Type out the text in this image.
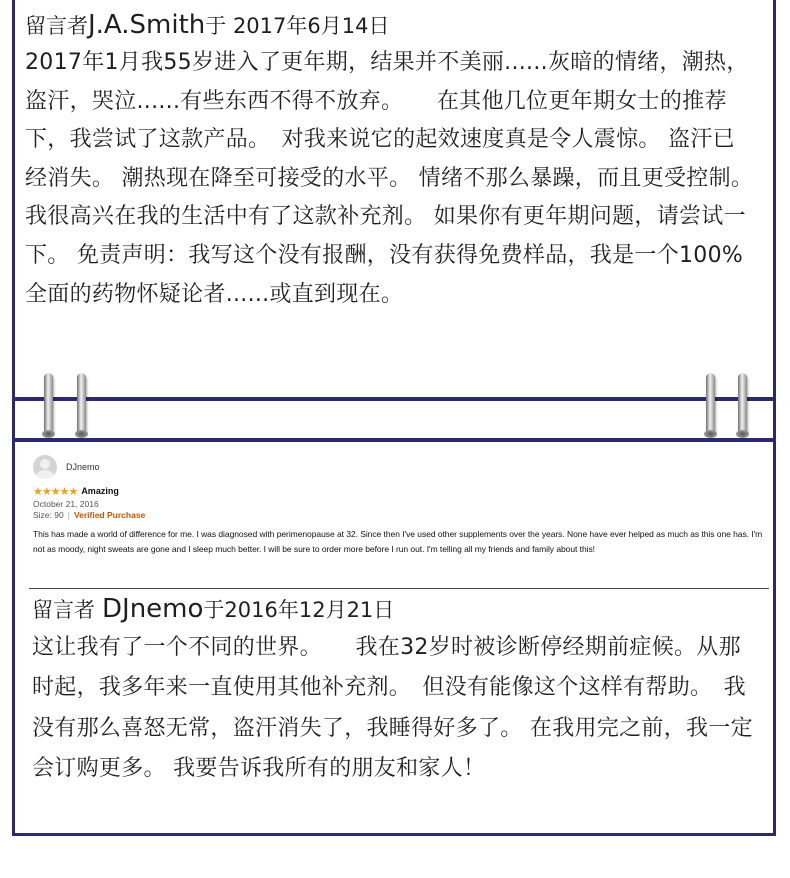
留言者J.A.Smith于 2017年6月14日
2017年1月我55岁进入了更年期，结果并不美丽......灰暗的情绪，潮热，盗汗，哭泣......有些东西不得不放弃。　　在其他几位更年期女士的推荐下，我尝试了这款产品。　对我来说它的起效速度真是令人震惊。 盗汗已经消失。 潮热现在降至可接受的水平。 情绪不那么暴躁，而且更受控制。 我很高兴在我的生活中有了这款补充剂。 如果你有更年期问题，请尝试一下。 免责声明：我写这个没有报酬，没有获得免费样品，我是一个100%全面的药物怀疑论者......或直到现在。
DJnemo
★★★★★ Amazing
October 21, 2016
Size: 90 | Verified Purchase
This has made a world of difference for me. I was diagnosed with perimenopause at 32. Since then I've used other supplements over the years. None have ever helped as much as this one has. I'm not as moody, night sweats are gone and I sleep much better. I will be sure to order more before I run out. I'm telling all my friends and family about this!
留言者 DJnemo于2016年12月21日
这让我有了一个不同的世界。　　我在32岁时被诊断停经期前症候。从那时起，我多年来一直使用其他补充剂。　但没有能像这个这样有帮助。　我没有那么喜怒无常，盗汗消失了，我睡得好多了。 在我用完之前，我一定会订购更多。 我要告诉我所有的朋友和家人！
